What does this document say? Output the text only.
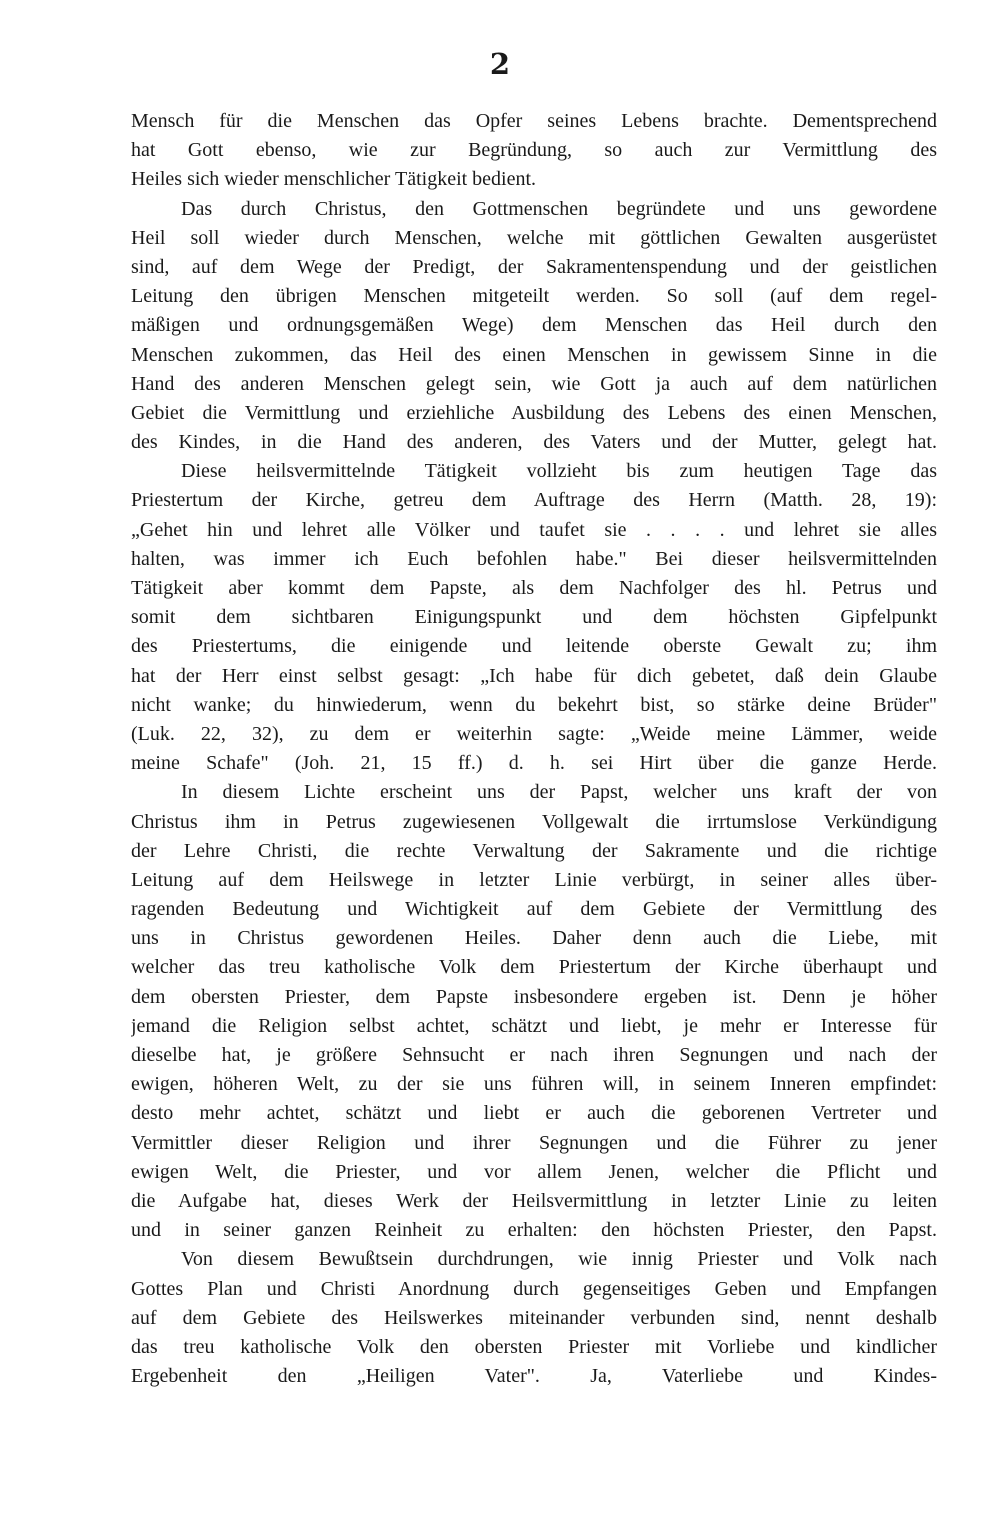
2
Mensch für die Menschen das Opfer seines Lebens brachte. Dementsprechend
hat Gott ebenso, wie zur Begründung, so auch zur Vermittlung des
Heiles sich wieder menschlicher Tätigkeit bedient.
Das durch Christus, den Gottmenschen begründete und uns gewordene
Heil soll wieder durch Menschen, welche mit göttlichen Gewalten ausgerüstet
sind, auf dem Wege der Predigt, der Sakramentenspendung und der geistlichen
Leitung den übrigen Menschen mitgeteilt werden. So soll (auf dem regel-
mäßigen und ordnungsgemäßen Wege) dem Menschen das Heil durch den
Menschen zukommen, das Heil des einen Menschen in gewissem Sinne in die
Hand des anderen Menschen gelegt sein, wie Gott ja auch auf dem natürlichen
Gebiet die Vermittlung und erziehliche Ausbildung des Lebens des einen Menschen,
des Kindes, in die Hand des anderen, des Vaters und der Mutter, gelegt hat.
Diese heilsvermittelnde Tätigkeit vollzieht bis zum heutigen Tage das
Priestertum der Kirche, getreu dem Auftrage des Herrn (Matth. 28, 19):
„Gehet hin und lehret alle Völker und taufet sie . . . . und lehret sie alles
halten, was immer ich Euch befohlen habe." Bei dieser heilsvermittelnden
Tätigkeit aber kommt dem Papste, als dem Nachfolger des hl. Petrus und
somit dem sichtbaren Einigungspunkt und dem höchsten Gipfelpunkt
des Priestertums, die einigende und leitende oberste Gewalt zu; ihm
hat der Herr einst selbst gesagt: „Ich habe für dich gebetet, daß dein Glaube
nicht wanke; du hinwiederum, wenn du bekehrt bist, so stärke deine Brüder"
(Luk. 22, 32), zu dem er weiterhin sagte: „Weide meine Lämmer, weide
meine Schafe" (Joh. 21, 15 ff.) d. h. sei Hirt über die ganze Herde.
In diesem Lichte erscheint uns der Papst, welcher uns kraft der von
Christus ihm in Petrus zugewiesenen Vollgewalt die irrtumslose Verkündigung
der Lehre Christi, die rechte Verwaltung der Sakramente und die richtige
Leitung auf dem Heilswege in letzter Linie verbürgt, in seiner alles über-
ragenden Bedeutung und Wichtigkeit auf dem Gebiete der Vermittlung des
uns in Christus gewordenen Heiles. Daher denn auch die Liebe, mit
welcher das treu katholische Volk dem Priestertum der Kirche überhaupt und
dem obersten Priester, dem Papste insbesondere ergeben ist. Denn je höher
jemand die Religion selbst achtet, schätzt und liebt, je mehr er Interesse für
dieselbe hat, je größere Sehnsucht er nach ihren Segnungen und nach der
ewigen, höheren Welt, zu der sie uns führen will, in seinem Inneren empfindet:
desto mehr achtet, schätzt und liebt er auch die geborenen Vertreter und
Vermittler dieser Religion und ihrer Segnungen und die Führer zu jener
ewigen Welt, die Priester, und vor allem Jenen, welcher die Pflicht und
die Aufgabe hat, dieses Werk der Heilsvermittlung in letzter Linie zu leiten
und in seiner ganzen Reinheit zu erhalten: den höchsten Priester, den Papst.
Von diesem Bewußtsein durchdrungen, wie innig Priester und Volk nach
Gottes Plan und Christi Anordnung durch gegenseitiges Geben und Empfangen
auf dem Gebiete des Heilswerkes miteinander verbunden sind, nennt deshalb
das treu katholische Volk den obersten Priester mit Vorliebe und kindlicher
Ergebenheit den „Heiligen Vater". Ja, Vaterliebe und Kindes-
